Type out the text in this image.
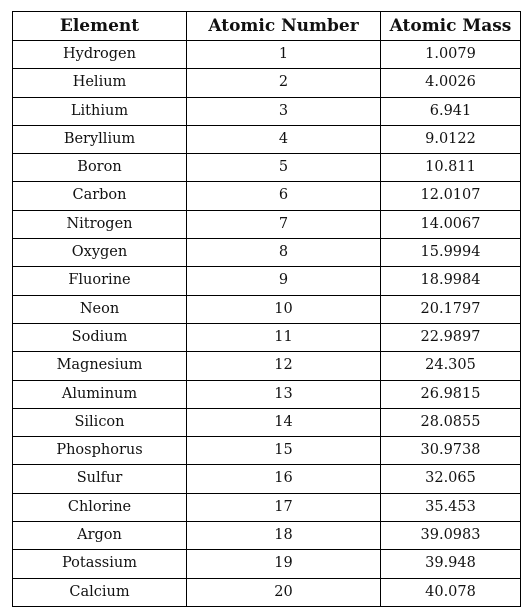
Element	Atomic Number	Atomic Mass
Hydrogen	1	1.0079
Helium	2	4.0026
Lithium	3	6.941
Beryllium	4	9.0122
Boron	5	10.811
Carbon	6	12.0107
Nitrogen	7	14.0067
Oxygen	8	15.9994
Fluorine	9	18.9984
Neon	10	20.1797
Sodium	11	22.9897
Magnesium	12	24.305
Aluminum	13	26.9815
Silicon	14	28.0855
Phosphorus	15	30.9738
Sulfur	16	32.065
Chlorine	17	35.453
Argon	18	39.0983
Potassium	19	39.948
Calcium	20	40.078
